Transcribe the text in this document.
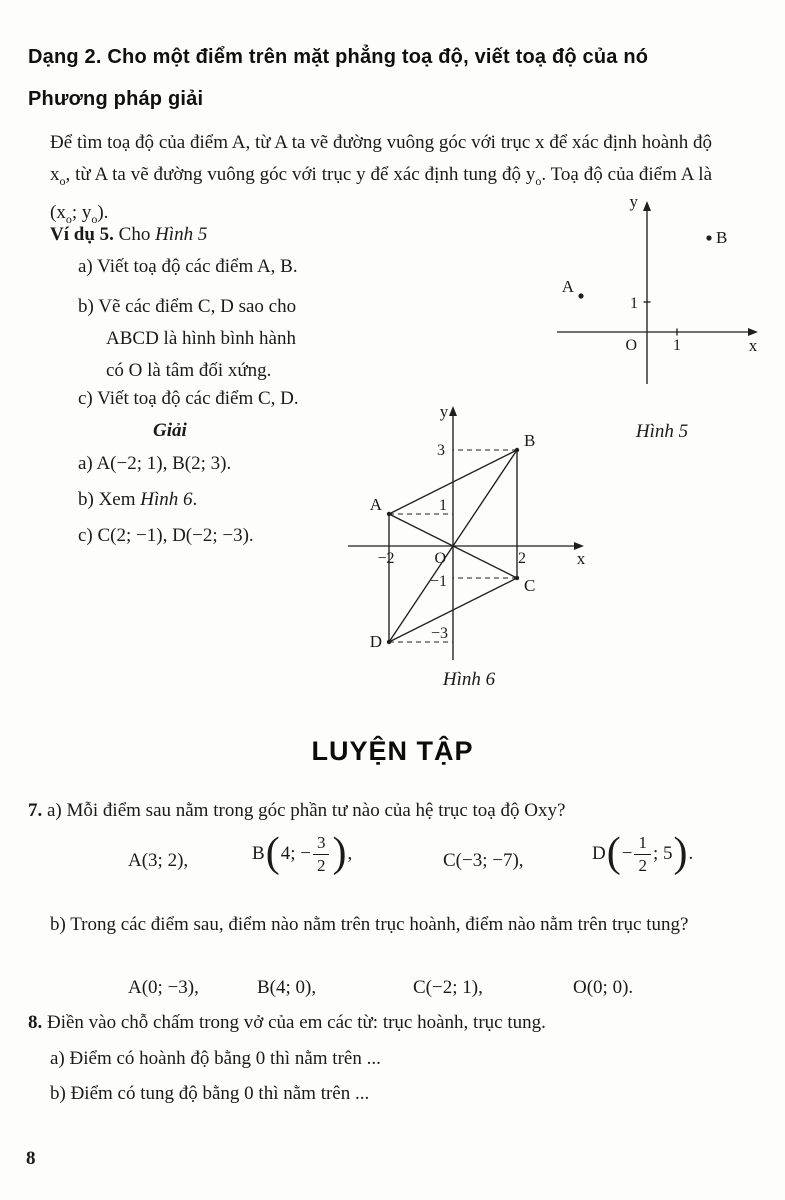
Dạng 2. Cho một điểm trên mặt phẳng toạ độ, viết toạ độ của nó
Phương pháp giải
Để tìm toạ độ của điểm A, từ A ta vẽ đường vuông góc với trục x để xác định hoành độ $x_o$, từ A ta vẽ đường vuông góc với trục y để xác định tung độ $y_o$. Toạ độ của điểm A là ($x_o$; $y_o$).
Ví dụ 5. Cho Hình 5
a) Viết toạ độ các điểm A, B.
b) Vẽ các điểm C, D sao cho
ABCD là hình bình hành
có O là tâm đối xứng.
c) Viết toạ độ các điểm C, D.
Giải
a) A(−2; 1), B(2; 3).
b) Xem Hình 6.
c) C(2; −1), D(−2; −3).
y
x
O 1
1
A
B
Hình 5
y
x
O
3
1
−1
−3
−2	2
A
B
C
D
Hình 6
LUYỆN TẬP
7. a) Mỗi điểm sau nằm trong góc phần tư nào của hệ trục toạ độ Oxy?
A(3; 2),	B ( 4; − $\frac{3}{2}$ ) ,	C(−3; −7),	D ( − $\frac{1}{2}$ ; 5 ) .
b) Trong các điểm sau, điểm nào nằm trên trục hoành, điểm nào nằm trên trục tung?
A(0; −3),	B(4; 0),	C(−2; 1),	O(0; 0).
8. Điền vào chỗ chấm trong vở của em các từ: trục hoành, trục tung.
a) Điểm có hoành độ bằng 0 thì nằm trên ...
b) Điểm có tung độ bằng 0 thì nằm trên ...
8
